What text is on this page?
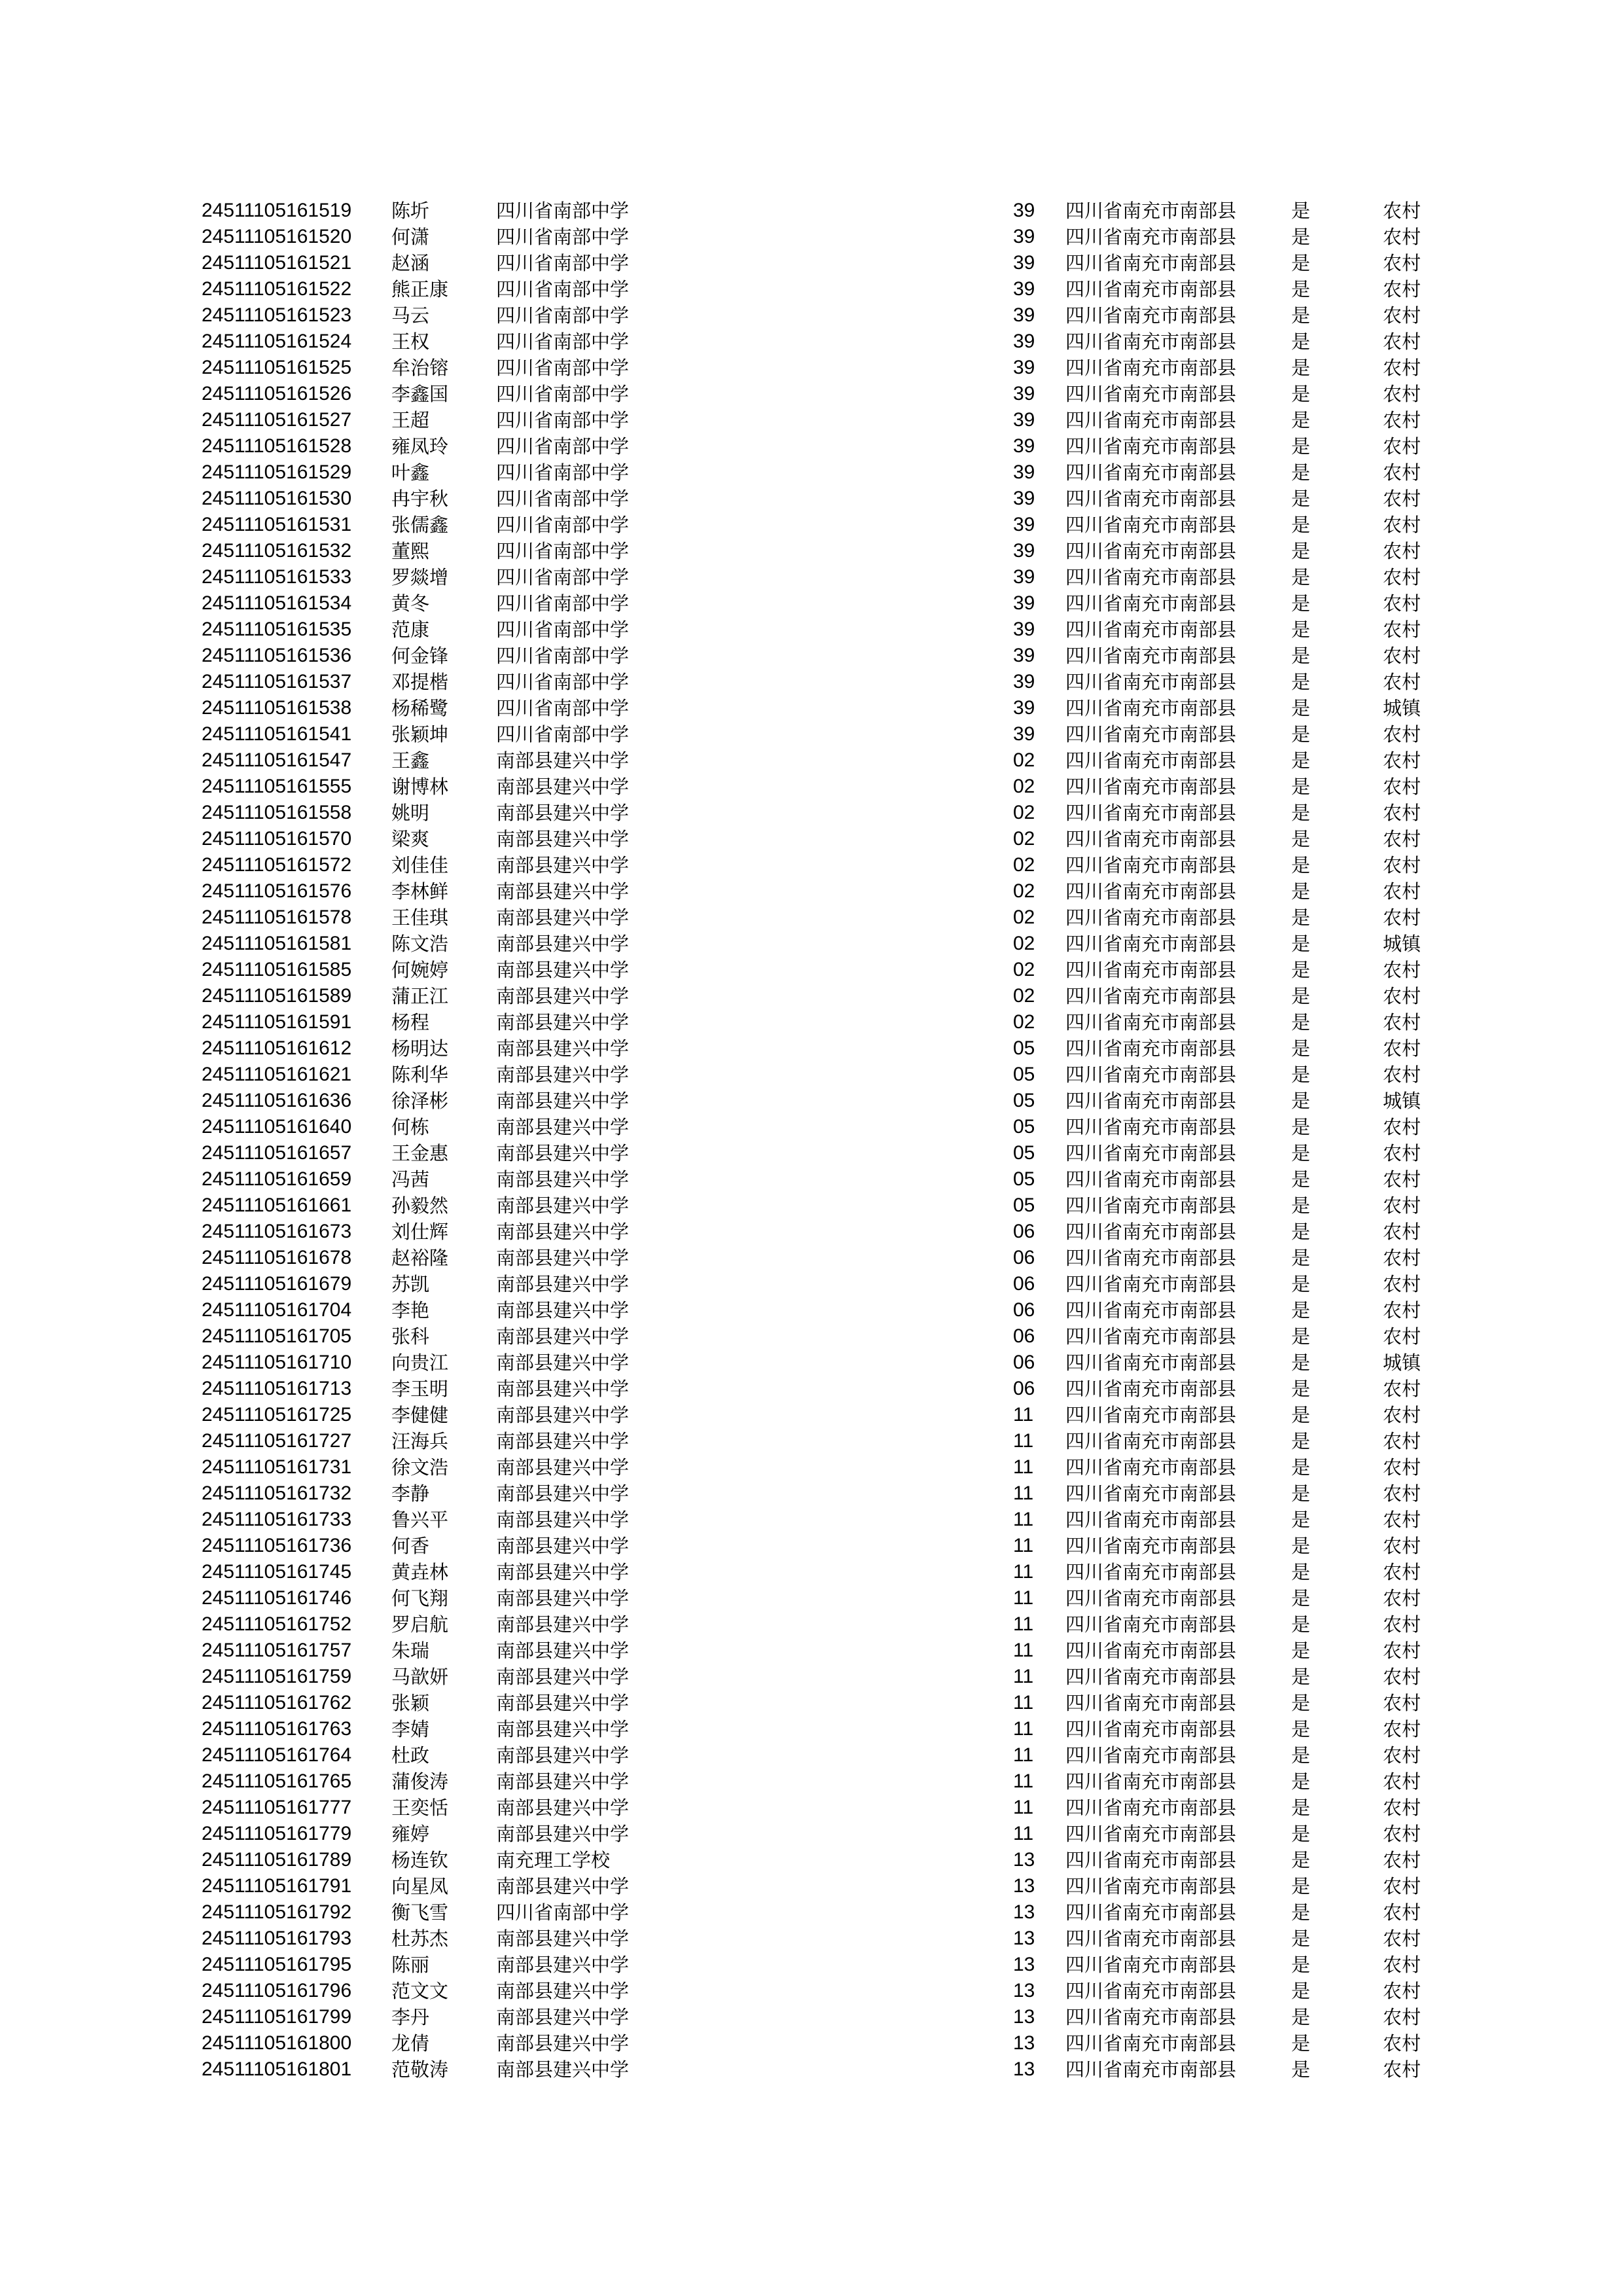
24511105161519	陈圻	四川省南部中学	39	四川省南充市南部县	是	农村
24511105161520	何潇	四川省南部中学	39	四川省南充市南部县	是	农村
24511105161521	赵涵	四川省南部中学	39	四川省南充市南部县	是	农村
24511105161522	熊正康	四川省南部中学	39	四川省南充市南部县	是	农村
24511105161523	马云	四川省南部中学	39	四川省南充市南部县	是	农村
24511105161524	王权	四川省南部中学	39	四川省南充市南部县	是	农村
24511105161525	牟治镕	四川省南部中学	39	四川省南充市南部县	是	农村
24511105161526	李鑫国	四川省南部中学	39	四川省南充市南部县	是	农村
24511105161527	王超	四川省南部中学	39	四川省南充市南部县	是	农村
24511105161528	雍凤玲	四川省南部中学	39	四川省南充市南部县	是	农村
24511105161529	叶鑫	四川省南部中学	39	四川省南充市南部县	是	农村
24511105161530	冉宇秋	四川省南部中学	39	四川省南充市南部县	是	农村
24511105161531	张儒鑫	四川省南部中学	39	四川省南充市南部县	是	农村
24511105161532	董熙	四川省南部中学	39	四川省南充市南部县	是	农村
24511105161533	罗燚增	四川省南部中学	39	四川省南充市南部县	是	农村
24511105161534	黄冬	四川省南部中学	39	四川省南充市南部县	是	农村
24511105161535	范康	四川省南部中学	39	四川省南充市南部县	是	农村
24511105161536	何金锋	四川省南部中学	39	四川省南充市南部县	是	农村
24511105161537	邓提楷	四川省南部中学	39	四川省南充市南部县	是	农村
24511105161538	杨稀鹭	四川省南部中学	39	四川省南充市南部县	是	城镇
24511105161541	张颖坤	四川省南部中学	39	四川省南充市南部县	是	农村
24511105161547	王鑫	南部县建兴中学	02	四川省南充市南部县	是	农村
24511105161555	谢博林	南部县建兴中学	02	四川省南充市南部县	是	农村
24511105161558	姚明	南部县建兴中学	02	四川省南充市南部县	是	农村
24511105161570	梁爽	南部县建兴中学	02	四川省南充市南部县	是	农村
24511105161572	刘佳佳	南部县建兴中学	02	四川省南充市南部县	是	农村
24511105161576	李林鲜	南部县建兴中学	02	四川省南充市南部县	是	农村
24511105161578	王佳琪	南部县建兴中学	02	四川省南充市南部县	是	农村
24511105161581	陈文浩	南部县建兴中学	02	四川省南充市南部县	是	城镇
24511105161585	何婉婷	南部县建兴中学	02	四川省南充市南部县	是	农村
24511105161589	蒲正江	南部县建兴中学	02	四川省南充市南部县	是	农村
24511105161591	杨程	南部县建兴中学	02	四川省南充市南部县	是	农村
24511105161612	杨明达	南部县建兴中学	05	四川省南充市南部县	是	农村
24511105161621	陈利华	南部县建兴中学	05	四川省南充市南部县	是	农村
24511105161636	徐泽彬	南部县建兴中学	05	四川省南充市南部县	是	城镇
24511105161640	何栋	南部县建兴中学	05	四川省南充市南部县	是	农村
24511105161657	王金惠	南部县建兴中学	05	四川省南充市南部县	是	农村
24511105161659	冯茜	南部县建兴中学	05	四川省南充市南部县	是	农村
24511105161661	孙毅然	南部县建兴中学	05	四川省南充市南部县	是	农村
24511105161673	刘仕辉	南部县建兴中学	06	四川省南充市南部县	是	农村
24511105161678	赵裕隆	南部县建兴中学	06	四川省南充市南部县	是	农村
24511105161679	苏凯	南部县建兴中学	06	四川省南充市南部县	是	农村
24511105161704	李艳	南部县建兴中学	06	四川省南充市南部县	是	农村
24511105161705	张科	南部县建兴中学	06	四川省南充市南部县	是	农村
24511105161710	向贵江	南部县建兴中学	06	四川省南充市南部县	是	城镇
24511105161713	李玉明	南部县建兴中学	06	四川省南充市南部县	是	农村
24511105161725	李健健	南部县建兴中学	11	四川省南充市南部县	是	农村
24511105161727	汪海兵	南部县建兴中学	11	四川省南充市南部县	是	农村
24511105161731	徐文浩	南部县建兴中学	11	四川省南充市南部县	是	农村
24511105161732	李静	南部县建兴中学	11	四川省南充市南部县	是	农村
24511105161733	鲁兴平	南部县建兴中学	11	四川省南充市南部县	是	农村
24511105161736	何香	南部县建兴中学	11	四川省南充市南部县	是	农村
24511105161745	黄垚林	南部县建兴中学	11	四川省南充市南部县	是	农村
24511105161746	何飞翔	南部县建兴中学	11	四川省南充市南部县	是	农村
24511105161752	罗启航	南部县建兴中学	11	四川省南充市南部县	是	农村
24511105161757	朱瑞	南部县建兴中学	11	四川省南充市南部县	是	农村
24511105161759	马歆妍	南部县建兴中学	11	四川省南充市南部县	是	农村
24511105161762	张颖	南部县建兴中学	11	四川省南充市南部县	是	农村
24511105161763	李婧	南部县建兴中学	11	四川省南充市南部县	是	农村
24511105161764	杜政	南部县建兴中学	11	四川省南充市南部县	是	农村
24511105161765	蒲俊涛	南部县建兴中学	11	四川省南充市南部县	是	农村
24511105161777	王奕恬	南部县建兴中学	11	四川省南充市南部县	是	农村
24511105161779	雍婷	南部县建兴中学	11	四川省南充市南部县	是	农村
24511105161789	杨连钦	南充理工学校	13	四川省南充市南部县	是	农村
24511105161791	向星凤	南部县建兴中学	13	四川省南充市南部县	是	农村
24511105161792	衡飞雪	四川省南部中学	13	四川省南充市南部县	是	农村
24511105161793	杜苏杰	南部县建兴中学	13	四川省南充市南部县	是	农村
24511105161795	陈丽	南部县建兴中学	13	四川省南充市南部县	是	农村
24511105161796	范文文	南部县建兴中学	13	四川省南充市南部县	是	农村
24511105161799	李丹	南部县建兴中学	13	四川省南充市南部县	是	农村
24511105161800	龙倩	南部县建兴中学	13	四川省南充市南部县	是	农村
24511105161801	范敬涛	南部县建兴中学	13	四川省南充市南部县	是	农村
